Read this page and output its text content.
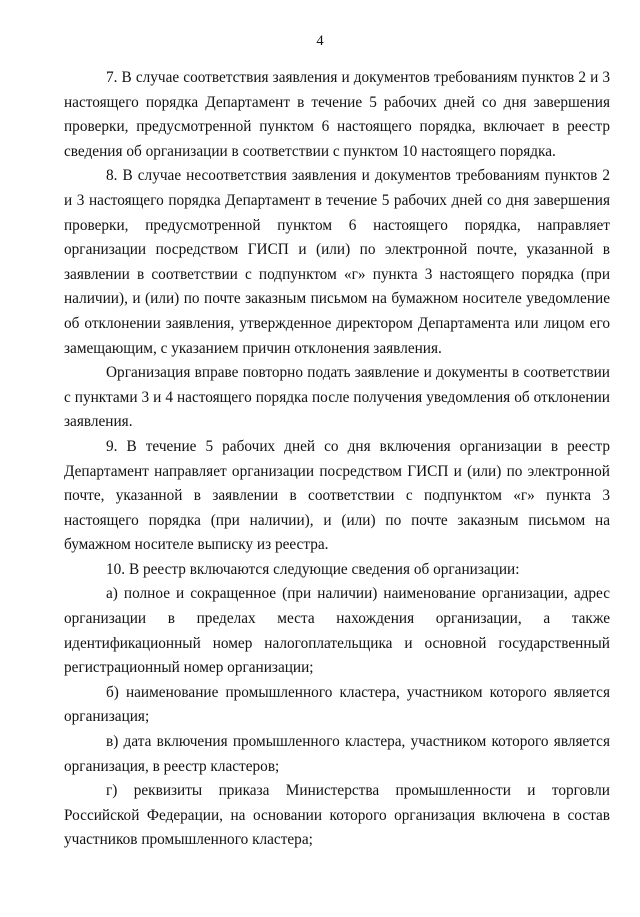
4

7. В случае соответствия заявления и документов требованиям пунктов 2 и 3 настоящего порядка Департамент в течение 5 рабочих дней со дня завершения проверки, предусмотренной пунктом 6 настоящего порядка, включает в реестр сведения об организации в соответствии с пунктом 10 настоящего порядка.

8. В случае несоответствия заявления и документов требованиям пунктов 2 и 3 настоящего порядка Департамент в течение 5 рабочих дней со дня завершения проверки, предусмотренной пунктом 6 настоящего порядка, направляет организации посредством ГИСП и (или) по электронной почте, указанной в заявлении в соответствии с подпунктом «г» пункта 3 настоящего порядка (при наличии), и (или) по почте заказным письмом на бумажном носителе уведомление об отклонении заявления, утвержденное директором Департамента или лицом его замещающим, с указанием причин отклонения заявления.

Организация вправе повторно подать заявление и документы в соответствии с пунктами 3 и 4 настоящего порядка после получения уведомления об отклонении заявления.

9. В течение 5 рабочих дней со дня включения организации в реестр Департамент направляет организации посредством ГИСП и (или) по электронной почте, указанной в заявлении в соответствии с подпунктом «г» пункта 3 настоящего порядка (при наличии), и (или) по почте заказным письмом на бумажном носителе выписку из реестра.

10. В реестр включаются следующие сведения об организации:

а) полное и сокращенное (при наличии) наименование организации, адрес организации в пределах места нахождения организации, а также идентификационный номер налогоплательщика и основной государственный регистрационный номер организации;

б) наименование промышленного кластера, участником которого является организация;

в) дата включения промышленного кластера, участником которого является организация, в реестр кластеров;

г) реквизиты приказа Министерства промышленности и торговли Российской Федерации, на основании которого организация включена в состав участников промышленного кластера;
